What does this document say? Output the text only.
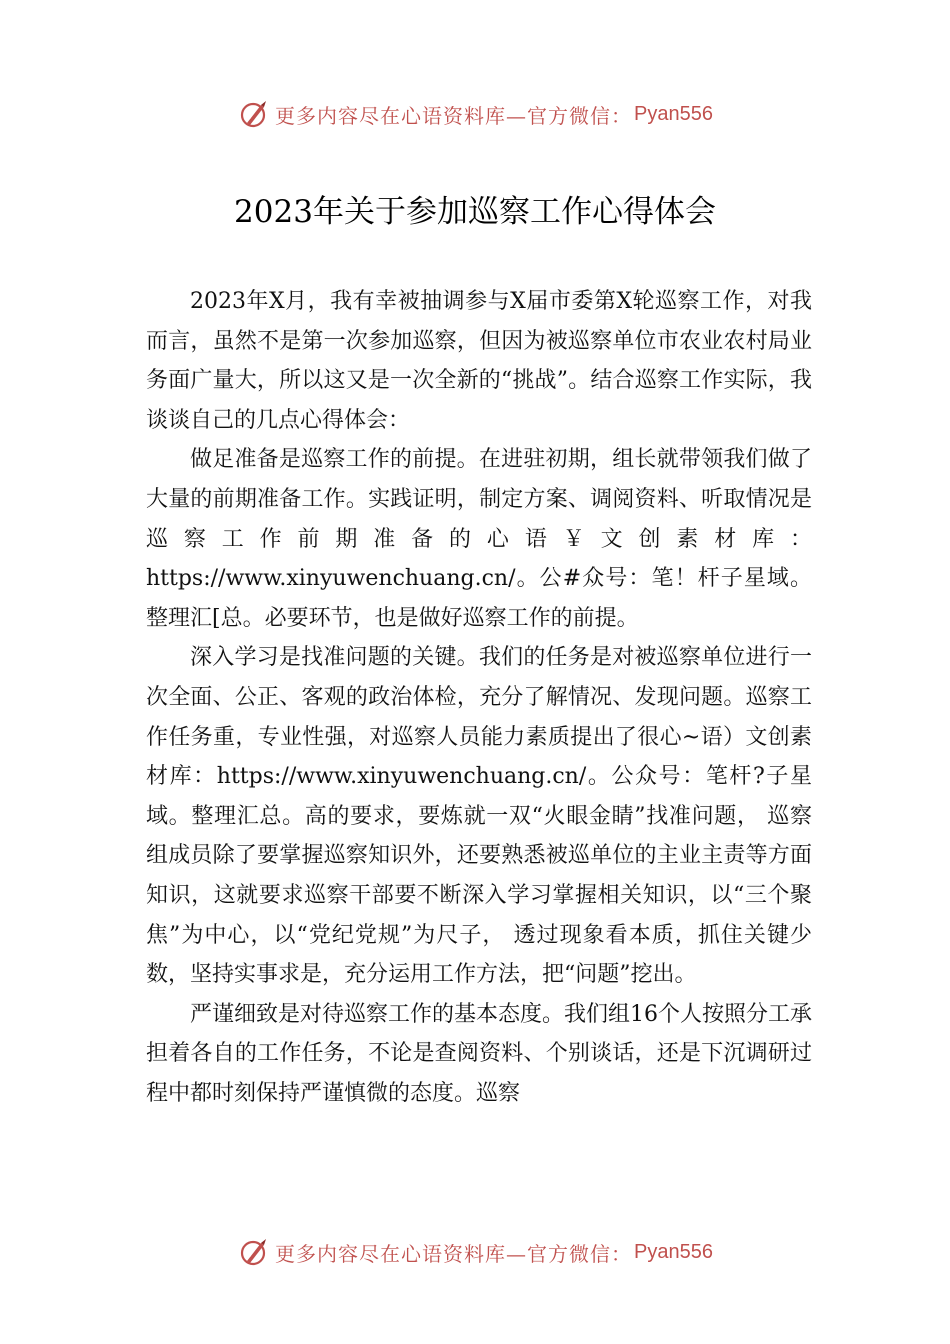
更多内容尽在心语资料库—官方微信： Pyan556
2023年关于参加巡察工作心得体会

2023年X月，我有幸被抽调参与X届市委第X轮巡察工作，对我而言，虽然不是第一次参加巡察，但因为被巡察单位市农业农村局业务面广量大，所以这又是一次全新的“挑战”。结合巡察工作实际，我谈谈自己的几点心得体会：

做足准备是巡察工作的前提。在进驻初期，组长就带领我们做了大量的前期准备工作。实践证明，制定方案、调阅资料、听取情况是巡察工作前期准备的心语￥文创素材库：https://www.xinyuwenchuang.cn/。公#众号：笔！杆子星域。整理汇[总。必要环节，也是做好巡察工作的前提。

深入学习是找准问题的关键。我们的任务是对被巡察单位进行一次全面、公正、客观的政治体检，充分了解情况、发现问题。巡察工作任务重，专业性强，对巡察人员能力素质提出了很心~语）文创素材库：https://www.xinyuwenchuang.cn/。公众号：笔杆?子星域。整理汇总。高的要求，要炼就一双“火眼金睛”找准问题， 巡察组成员除了要掌握巡察知识外，还要熟悉被巡单位的主业主责等方面知识，这就要求巡察干部要不断深入学习掌握相关知识，以“三个聚焦”为中心，以“党纪党规”为尺子， 透过现象看本质，抓住关键少数，坚持实事求是，充分运用工作方法，把“问题”挖出。

严谨细致是对待巡察工作的基本态度。我们组16个人按照分工承担着各自的工作任务，不论是查阅资料、个别谈话，还是下沉调研过程中都时刻保持严谨慎微的态度。巡察

更多内容尽在心语资料库—官方微信： Pyan556
